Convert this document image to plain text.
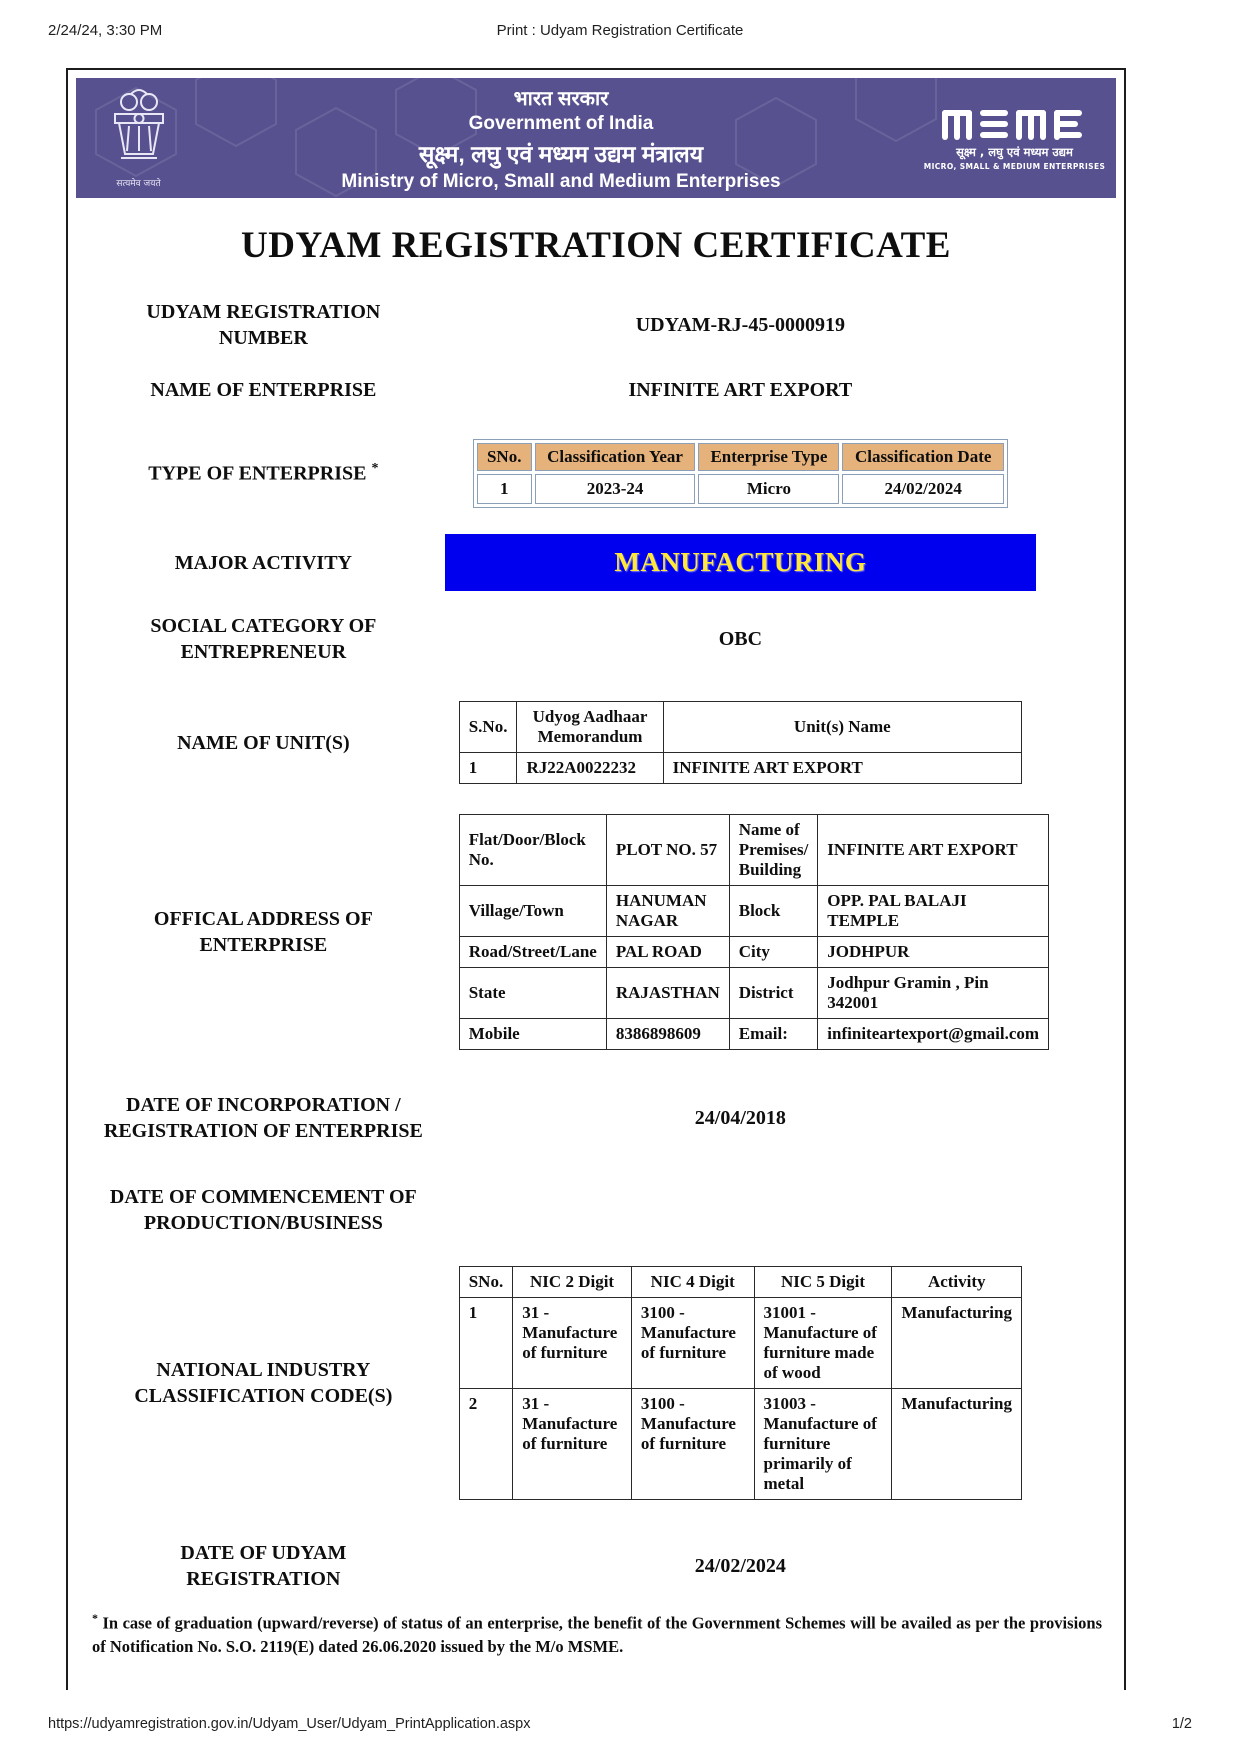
2/24/24, 3:30 PM	Print : Udyam Registration Certificate
सत्यमेव जयते
भारत सरकार
Government of India
सूक्ष्म, लघु एवं मध्यम उद्यम मंत्रालय
Ministry of Micro, Small and Medium Enterprises
सूक्ष्म , लघु एवं मध्यम उद्यम
MICRO, SMALL & MEDIUM ENTERPRISES
UDYAM REGISTRATION CERTIFICATE
UDYAM REGISTRATION NUMBER
UDYAM-RJ-45-0000919
NAME OF ENTERPRISE	INFINITE ART EXPORT
TYPE OF ENTERPRISE *
SNo.	Classification Year	Enterprise Type	Classification Date
1	2023-24	Micro	24/02/2024
MAJOR ACTIVITY	MANUFACTURING
SOCIAL CATEGORY OF ENTREPRENEUR
OBC
NAME OF UNIT(S)
S.No.	Udyog Aadhaar Memorandum	Unit(s) Name
1	RJ22A0022232	INFINITE ART EXPORT
OFFICAL ADDRESS OF ENTERPRISE
Flat/Door/Block No.	PLOT NO. 57	Name of Premises/ Building	INFINITE ART EXPORT
Village/Town	HANUMAN NAGAR	Block	OPP. PAL BALAJI TEMPLE
Road/Street/Lane	PAL ROAD	City	JODHPUR
State	RAJASTHAN	District	Jodhpur Gramin , Pin 342001
Mobile	8386898609	Email:	infiniteartexport@gmail.com
DATE OF INCORPORATION / REGISTRATION OF ENTERPRISE
24/04/2018
DATE OF COMMENCEMENT OF PRODUCTION/BUSINESS
NATIONAL INDUSTRY CLASSIFICATION CODE(S)
SNo.	NIC 2 Digit	NIC 4 Digit	NIC 5 Digit	Activity
1	31 - Manufacture of furniture	3100 - Manufacture of furniture	31001 - Manufacture of furniture made of wood	Manufacturing
2	31 - Manufacture of furniture	3100 - Manufacture of furniture	31003 - Manufacture of furniture primarily of metal	Manufacturing
DATE OF UDYAM REGISTRATION
24/02/2024
* In case of graduation (upward/reverse) of status of an enterprise, the benefit of the Government Schemes will be availed as per the provisions of Notification No. S.O. 2119(E) dated 26.06.2020 issued by the M/o MSME.
https://udyamregistration.gov.in/Udyam_User/Udyam_PrintApplication.aspx	1/2
